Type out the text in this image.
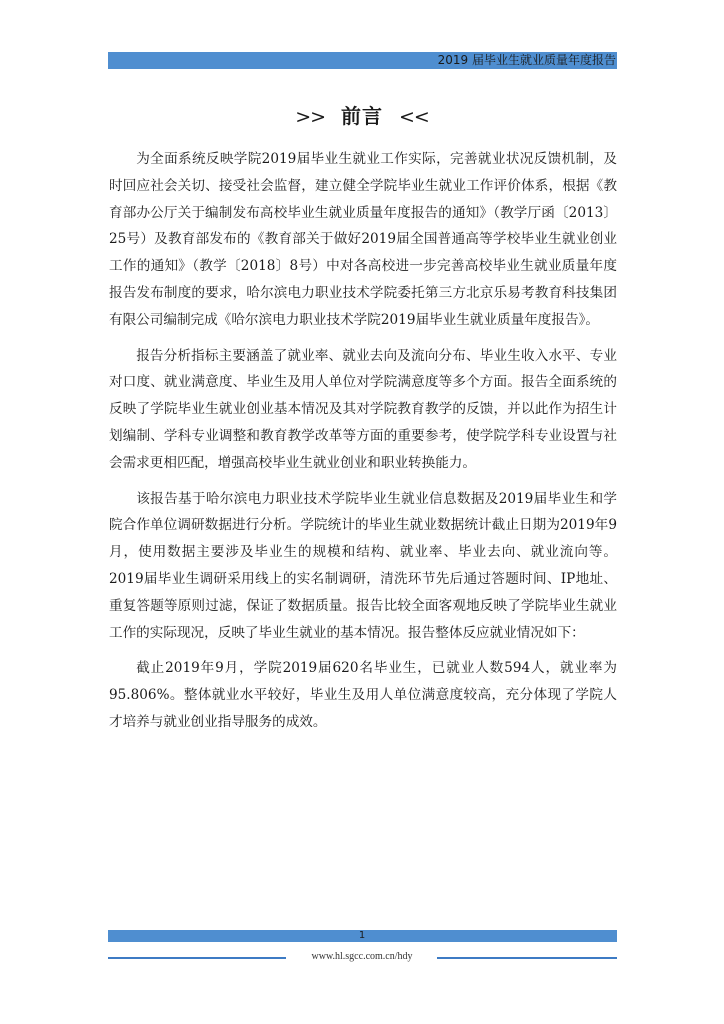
2019 届毕业生就业质量年度报告
>> 前言 <<

为全面系统反映学院2019届毕业生就业工作实际，完善就业状况反馈机制，及时回应社会关切、接受社会监督，建立健全学院毕业生就业工作评价体系，根据《教育部办公厅关于编制发布高校毕业生就业质量年度报告的通知》（教学厅函〔2013〕25号）及教育部发布的《教育部关于做好2019届全国普通高等学校毕业生就业创业工作的通知》（教学〔2018〕8号）中对各高校进一步完善高校毕业生就业质量年度报告发布制度的要求，哈尔滨电力职业技术学院委托第三方北京乐易考教育科技集团有限公司编制完成《哈尔滨电力职业技术学院2019届毕业生就业质量年度报告》。

报告分析指标主要涵盖了就业率、就业去向及流向分布、毕业生收入水平、专业对口度、就业满意度、毕业生及用人单位对学院满意度等多个方面。报告全面系统的反映了学院毕业生就业创业基本情况及其对学院教育教学的反馈，并以此作为招生计划编制、学科专业调整和教育教学改革等方面的重要参考，使学院学科专业设置与社会需求更相匹配，增强高校毕业生就业创业和职业转换能力。

该报告基于哈尔滨电力职业技术学院毕业生就业信息数据及2019届毕业生和学院合作单位调研数据进行分析。学院统计的毕业生就业数据统计截止日期为2019年9月，使用数据主要涉及毕业生的规模和结构、就业率、毕业去向、就业流向等。2019届毕业生调研采用线上的实名制调研，清洗环节先后通过答题时间、IP地址、重复答题等原则过滤，保证了数据质量。报告比较全面客观地反映了学院毕业生就业工作的实际现况，反映了毕业生就业的基本情况。报告整体反应就业情况如下：

截止2019年9月，学院2019届620名毕业生，已就业人数594人，就业率为95.806%。整体就业水平较好，毕业生及用人单位满意度较高，充分体现了学院人才培养与就业创业指导服务的成效。

1
www.hl.sgcc.com.cn/hdy
